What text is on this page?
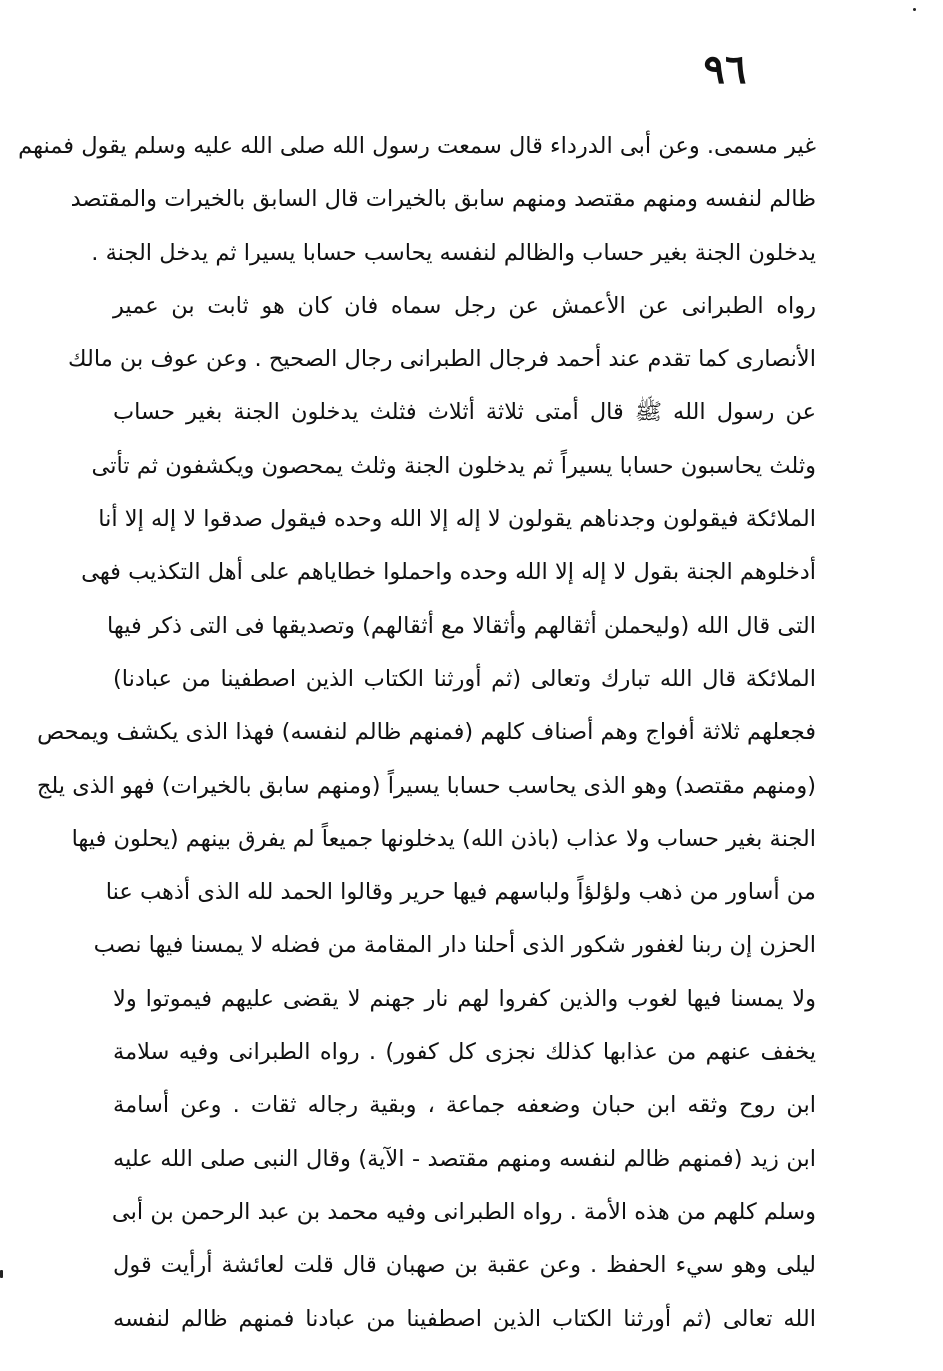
٩٦
غير مسمى. وعن أبى الدرداء قال سمعت رسول الله صلى الله عليه وسلم يقول فمنهم
ظالم لنفسه ومنهم مقتصد ومنهم سابق بالخيرات قال السابق بالخيرات والمقتصد
يدخلون الجنة بغير حساب والظالم لنفسه يحاسب حسابا يسيرا ثم يدخل الجنة .
رواه الطبرانى عن الأعمش عن رجل سماه فان كان هو ثابت بن عمير
الأنصارى كما تقدم عند أحمد فرجال الطبرانى رجال الصحيح . وعن عوف بن مالك
عن رسول الله ﷺ قال أمتى ثلاثة أثلاث فثلث يدخلون الجنة بغير حساب
وثلث يحاسبون حسابا يسيراً ثم يدخلون الجنة وثلث يمحصون ويكشفون ثم تأتى
الملائكة فيقولون وجدناهم يقولون لا إله إلا الله وحده فيقول صدقوا لا إله إلا أنا
أدخلوهم الجنة بقول لا إله إلا الله وحده واحملوا خطاياهم على أهل التكذيب فهى
التى قال الله (وليحملن أثقالهم وأثقالا مع أثقالهم) وتصديقها فى التى ذكر فيها
الملائكة قال الله تبارك وتعالى (ثم أورثنا الكتاب الذين اصطفينا من عبادنا)
فجعلهم ثلاثة أفواج وهم أصناف كلهم (فمنهم ظالم لنفسه) فهذا الذى يكشف ويمحص
(ومنهم مقتصد) وهو الذى يحاسب حسابا يسيراً (ومنهم سابق بالخيرات) فهو الذى يلج
الجنة بغير حساب ولا عذاب (باذن الله) يدخلونها جميعاً لم يفرق بينهم (يحلون فيها
من أساور من ذهب ولؤلؤاً ولباسهم فيها حرير وقالوا الحمد لله الذى أذهب عنا
الحزن إن ربنا لغفور شكور الذى أحلنا دار المقامة من فضله لا يمسنا فيها نصب
ولا يمسنا فيها لغوب والذين كفروا لهم نار جهنم لا يقضى عليهم فيموتوا ولا
يخفف عنهم من عذابها كذلك نجزى كل كفور) . رواه الطبرانى وفيه سلامة
ابن روح وثقه ابن حبان وضعفه جماعة ، وبقية رجاله ثقات . وعن أسامة
ابن زيد (فمنهم ظالم لنفسه ومنهم مقتصد - الآية) وقال النبى صلى الله عليه
وسلم كلهم من هذه الأمة . رواه الطبرانى وفيه محمد بن عبد الرحمن بن أبى
ليلى وهو سيء الحفظ . وعن عقبة بن صهبان قال قلت لعائشة أرأيت قول
الله تعالى (ثم أورثنا الكتاب الذين اصطفينا من عبادنا فمنهم ظالم لنفسه
